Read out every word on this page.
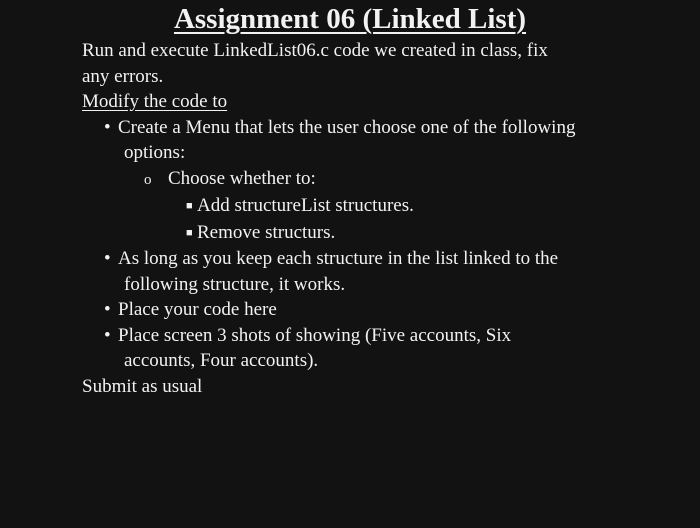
Assignment 06 (Linked List)

Run and execute LinkedList06.c code we created in class, fix

any errors.

Modify the code to

• Create a Menu that lets the user choose one of the following

options:

o Choose whether to:

■ Add structureList structures.

■ Remove structurs.

• As long as you keep each structure in the list linked to the

following structure, it works.

• Place your code here

• Place screen 3 shots of showing (Five accounts, Six

accounts, Four accounts).

Submit as usual
